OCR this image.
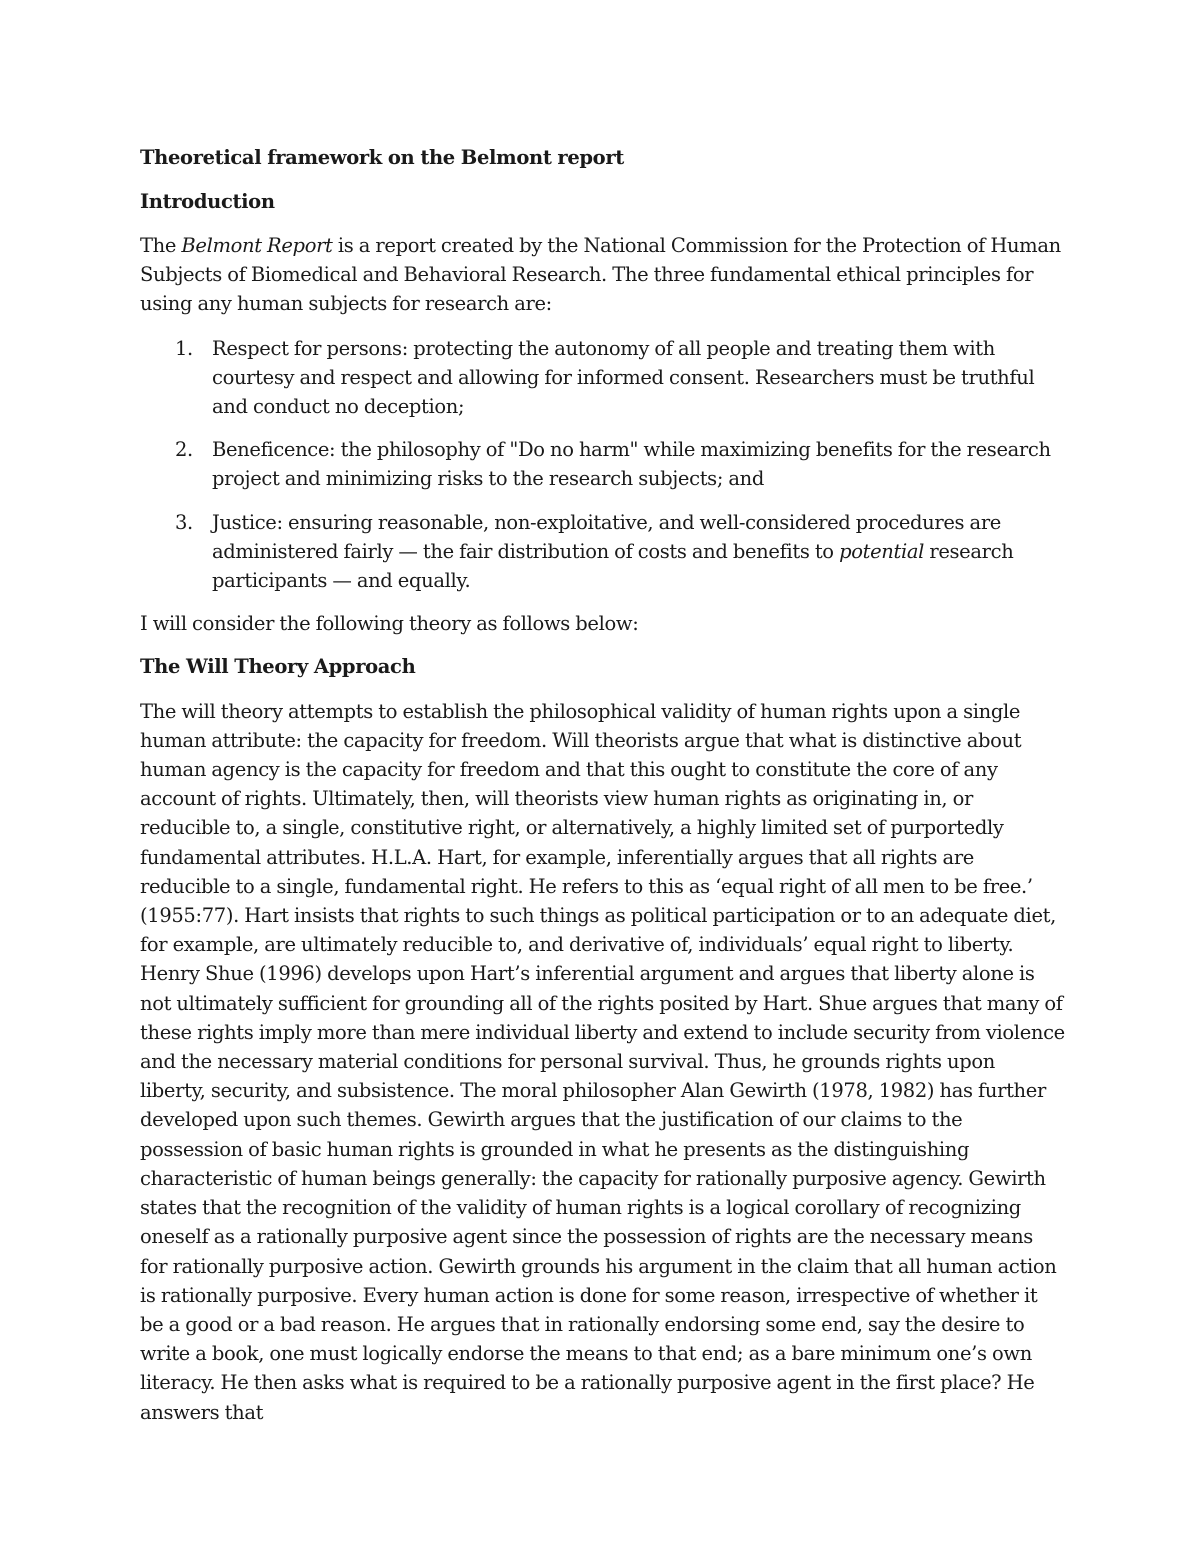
Theoretical framework on the Belmont report
Introduction

The Belmont Report is a report created by the National Commission for the Protection of Human Subjects of Biomedical and Behavioral Research. The three fundamental ethical principles for using any human subjects for research are:

1. Respect for persons: protecting the autonomy of all people and treating them with courtesy and respect and allowing for informed consent. Researchers must be truthful and conduct no deception;
2. Beneficence: the philosophy of "Do no harm" while maximizing benefits for the research project and minimizing risks to the research subjects; and
3. Justice: ensuring reasonable, non-exploitative, and well-considered procedures are administered fairly — the fair distribution of costs and benefits to potential research participants — and equally.

I will consider the following theory as follows below:

The Will Theory Approach

The will theory attempts to establish the philosophical validity of human rights upon a single human attribute: the capacity for freedom. Will theorists argue that what is distinctive about human agency is the capacity for freedom and that this ought to constitute the core of any account of rights. Ultimately, then, will theorists view human rights as originating in, or reducible to, a single, constitutive right, or alternatively, a highly limited set of purportedly fundamental attributes. H.L.A. Hart, for example, inferentially argues that all rights are reducible to a single, fundamental right. He refers to this as ‘equal right of all men to be free.’ (1955:77). Hart insists that rights to such things as political participation or to an adequate diet, for example, are ultimately reducible to, and derivative of, individuals’ equal right to liberty. Henry Shue (1996) develops upon Hart’s inferential argument and argues that liberty alone is not ultimately sufficient for grounding all of the rights posited by Hart. Shue argues that many of these rights imply more than mere individual liberty and extend to include security from violence and the necessary material conditions for personal survival. Thus, he grounds rights upon liberty, security, and subsistence. The moral philosopher Alan Gewirth (1978, 1982) has further developed upon such themes. Gewirth argues that the justification of our claims to the possession of basic human rights is grounded in what he presents as the distinguishing characteristic of human beings generally: the capacity for rationally purposive agency. Gewirth states that the recognition of the validity of human rights is a logical corollary of recognizing oneself as a rationally purposive agent since the possession of rights are the necessary means for rationally purposive action. Gewirth grounds his argument in the claim that all human action is rationally purposive. Every human action is done for some reason, irrespective of whether it be a good or a bad reason. He argues that in rationally endorsing some end, say the desire to write a book, one must logically endorse the means to that end; as a bare minimum one’s own literacy. He then asks what is required to be a rationally purposive agent in the first place? He answers that
